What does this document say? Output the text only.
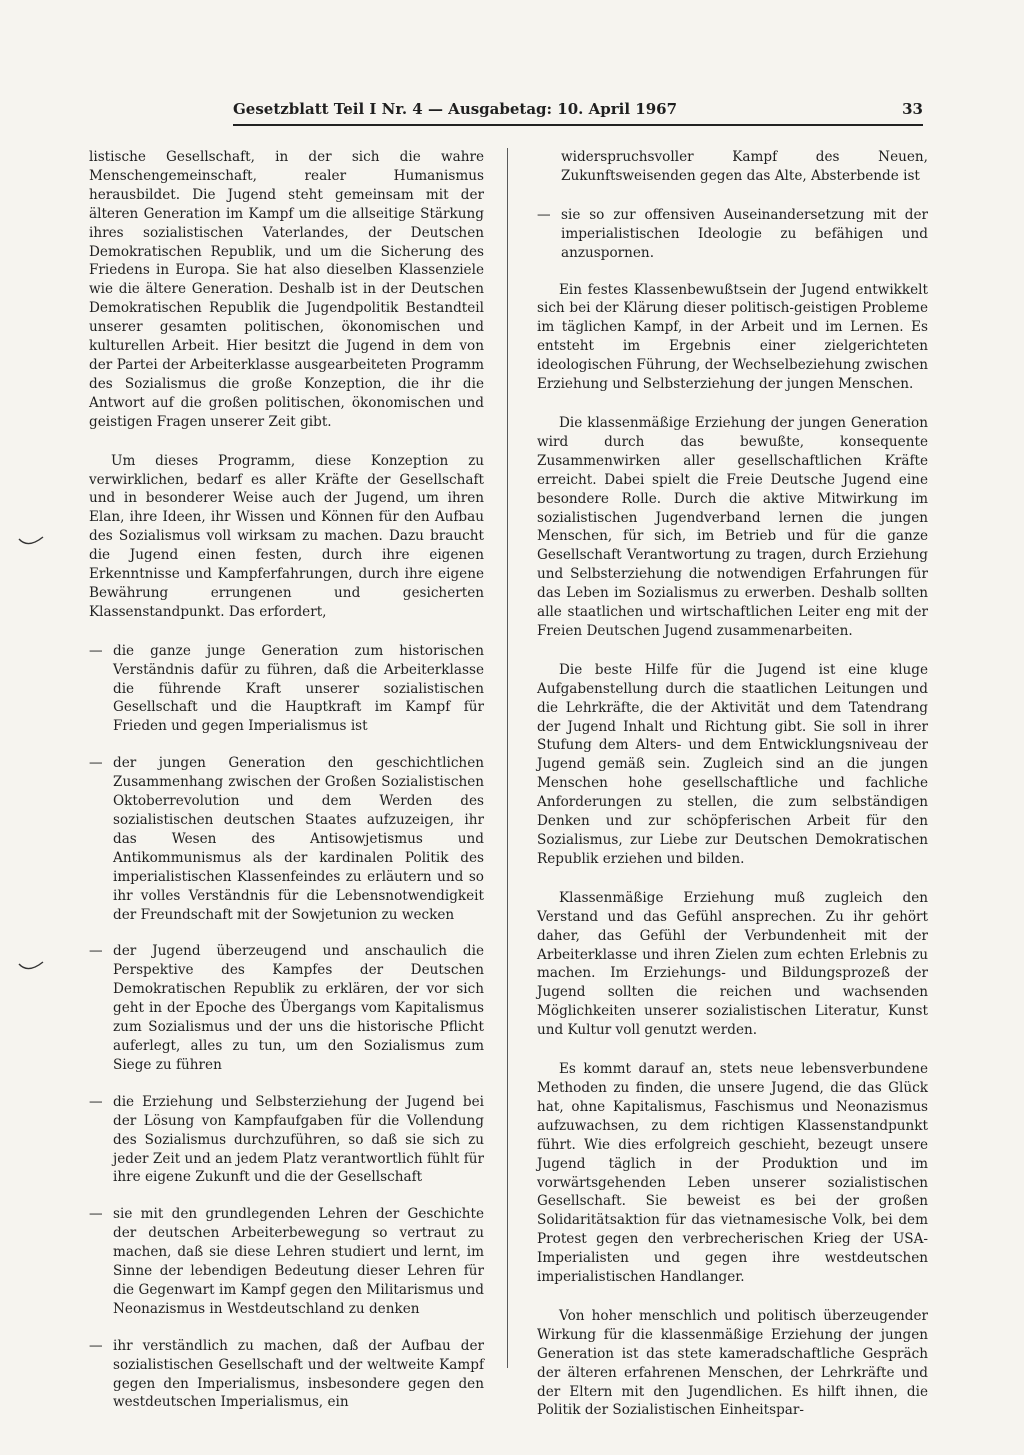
Gesetzblatt Teil I Nr. 4 — Ausgabetag: 10. April 1967	33

listische Gesellschaft, in der sich die wahre Menschengemeinschaft, realer Humanismus herausbildet. Die Jugend steht gemeinsam mit der älteren Generation im Kampf um die allseitige Stärkung ihres sozialistischen Vaterlandes, der Deutschen Demokratischen Republik, und um die Sicherung des Friedens in Europa. Sie hat also dieselben Klassenziele wie die ältere Generation. Deshalb ist in der Deutschen Demokratischen Republik die Jugendpolitik Bestandteil unserer gesamten politischen, ökonomischen und kulturellen Arbeit. Hier besitzt die Jugend in dem von der Partei der Arbeiterklasse ausgearbeiteten Programm des Sozialismus die große Konzeption, die ihr die Antwort auf die großen politischen, ökonomischen und geistigen Fragen unserer Zeit gibt.

Um dieses Programm, diese Konzeption zu verwirklichen, bedarf es aller Kräfte der Gesellschaft und in besonderer Weise auch der Jugend, um ihren Elan, ihre Ideen, ihr Wissen und Können für den Aufbau des Sozialismus voll wirksam zu machen. Dazu braucht die Jugend einen festen, durch ihre eigenen Erkenntnisse und Kampferfahrungen, durch ihre eigene Bewährung errungenen und gesicherten Klassenstandpunkt. Das erfordert,

— die ganze junge Generation zum historischen Verständnis dafür zu führen, daß die Arbeiterklasse die führende Kraft unserer sozialistischen Gesellschaft und die Hauptkraft im Kampf für Frieden und gegen Imperialismus ist
— der jungen Generation den geschichtlichen Zusammenhang zwischen der Großen Sozialistischen Oktoberrevolution und dem Werden des sozialistischen deutschen Staates aufzuzeigen, ihr das Wesen des Antisowjetismus und Antikommunismus als der kardinalen Politik des imperialistischen Klassenfeindes zu erläutern und so ihr volles Verständnis für die Lebensnotwendigkeit der Freundschaft mit der Sowjetunion zu wecken
— der Jugend überzeugend und anschaulich die Perspektive des Kampfes der Deutschen Demokratischen Republik zu erklären, der vor sich geht in der Epoche des Übergangs vom Kapitalismus zum Sozialismus und der uns die historische Pflicht auferlegt, alles zu tun, um den Sozialismus zum Siege zu führen
— die Erziehung und Selbsterziehung der Jugend bei der Lösung von Kampfaufgaben für die Vollendung des Sozialismus durchzuführen, so daß sie sich zu jeder Zeit und an jedem Platz verantwortlich fühlt für ihre eigene Zukunft und die der Gesellschaft
— sie mit den grundlegenden Lehren der Geschichte der deutschen Arbeiterbewegung so vertraut zu machen, daß sie diese Lehren studiert und lernt, im Sinne der lebendigen Bedeutung dieser Lehren für die Gegenwart im Kampf gegen den Militarismus und Neonazismus in Westdeutschland zu denken
— ihr verständlich zu machen, daß der Aufbau der sozialistischen Gesellschaft und der weltweite Kampf gegen den Imperialismus, insbesondere gegen den westdeutschen Imperialismus, ein

widerspruchsvoller Kampf des Neuen, Zukunftsweisenden gegen das Alte, Absterbende ist

— sie so zur offensiven Auseinandersetzung mit der imperialistischen Ideologie zu befähigen und anzuspornen.

Ein festes Klassenbewußtsein der Jugend entwikkelt sich bei der Klärung dieser politisch-geistigen Probleme im täglichen Kampf, in der Arbeit und im Lernen. Es entsteht im Ergebnis einer zielgerichteten ideologischen Führung, der Wechselbeziehung zwischen Erziehung und Selbsterziehung der jungen Menschen.

Die klassenmäßige Erziehung der jungen Generation wird durch das bewußte, konsequente Zusammenwirken aller gesellschaftlichen Kräfte erreicht. Dabei spielt die Freie Deutsche Jugend eine besondere Rolle. Durch die aktive Mitwirkung im sozialistischen Jugendverband lernen die jungen Menschen, für sich, im Betrieb und für die ganze Gesellschaft Verantwortung zu tragen, durch Erziehung und Selbsterziehung die notwendigen Erfahrungen für das Leben im Sozialismus zu erwerben. Deshalb sollten alle staatlichen und wirtschaftlichen Leiter eng mit der Freien Deutschen Jugend zusammenarbeiten.

Die beste Hilfe für die Jugend ist eine kluge Aufgabenstellung durch die staatlichen Leitungen und die Lehrkräfte, die der Aktivität und dem Tatendrang der Jugend Inhalt und Richtung gibt. Sie soll in ihrer Stufung dem Alters- und dem Entwicklungsniveau der Jugend gemäß sein. Zugleich sind an die jungen Menschen hohe gesellschaftliche und fachliche Anforderungen zu stellen, die zum selbständigen Denken und zur schöpferischen Arbeit für den Sozialismus, zur Liebe zur Deutschen Demokratischen Republik erziehen und bilden.

Klassenmäßige Erziehung muß zugleich den Verstand und das Gefühl ansprechen. Zu ihr gehört daher, das Gefühl der Verbundenheit mit der Arbeiterklasse und ihren Zielen zum echten Erlebnis zu machen. Im Erziehungs- und Bildungsprozeß der Jugend sollten die reichen und wachsenden Möglichkeiten unserer sozialistischen Literatur, Kunst und Kultur voll genutzt werden.

Es kommt darauf an, stets neue lebensverbundene Methoden zu finden, die unsere Jugend, die das Glück hat, ohne Kapitalismus, Faschismus und Neonazismus aufzuwachsen, zu dem richtigen Klassenstandpunkt führt. Wie dies erfolgreich geschieht, bezeugt unsere Jugend täglich in der Produktion und im vorwärtsgehenden Leben unserer sozialistischen Gesellschaft. Sie beweist es bei der großen Solidaritätsaktion für das vietnamesische Volk, bei dem Protest gegen den verbrecherischen Krieg der USA-Imperialisten und gegen ihre westdeutschen imperialistischen Handlanger.

Von hoher menschlich und politisch überzeugender Wirkung für die klassenmäßige Erziehung der jungen Generation ist das stete kameradschaftliche Gespräch der älteren erfahrenen Menschen, der Lehrkräfte und der Eltern mit den Jugendlichen. Es hilft ihnen, die Politik der Sozialistischen Einheitspar-
